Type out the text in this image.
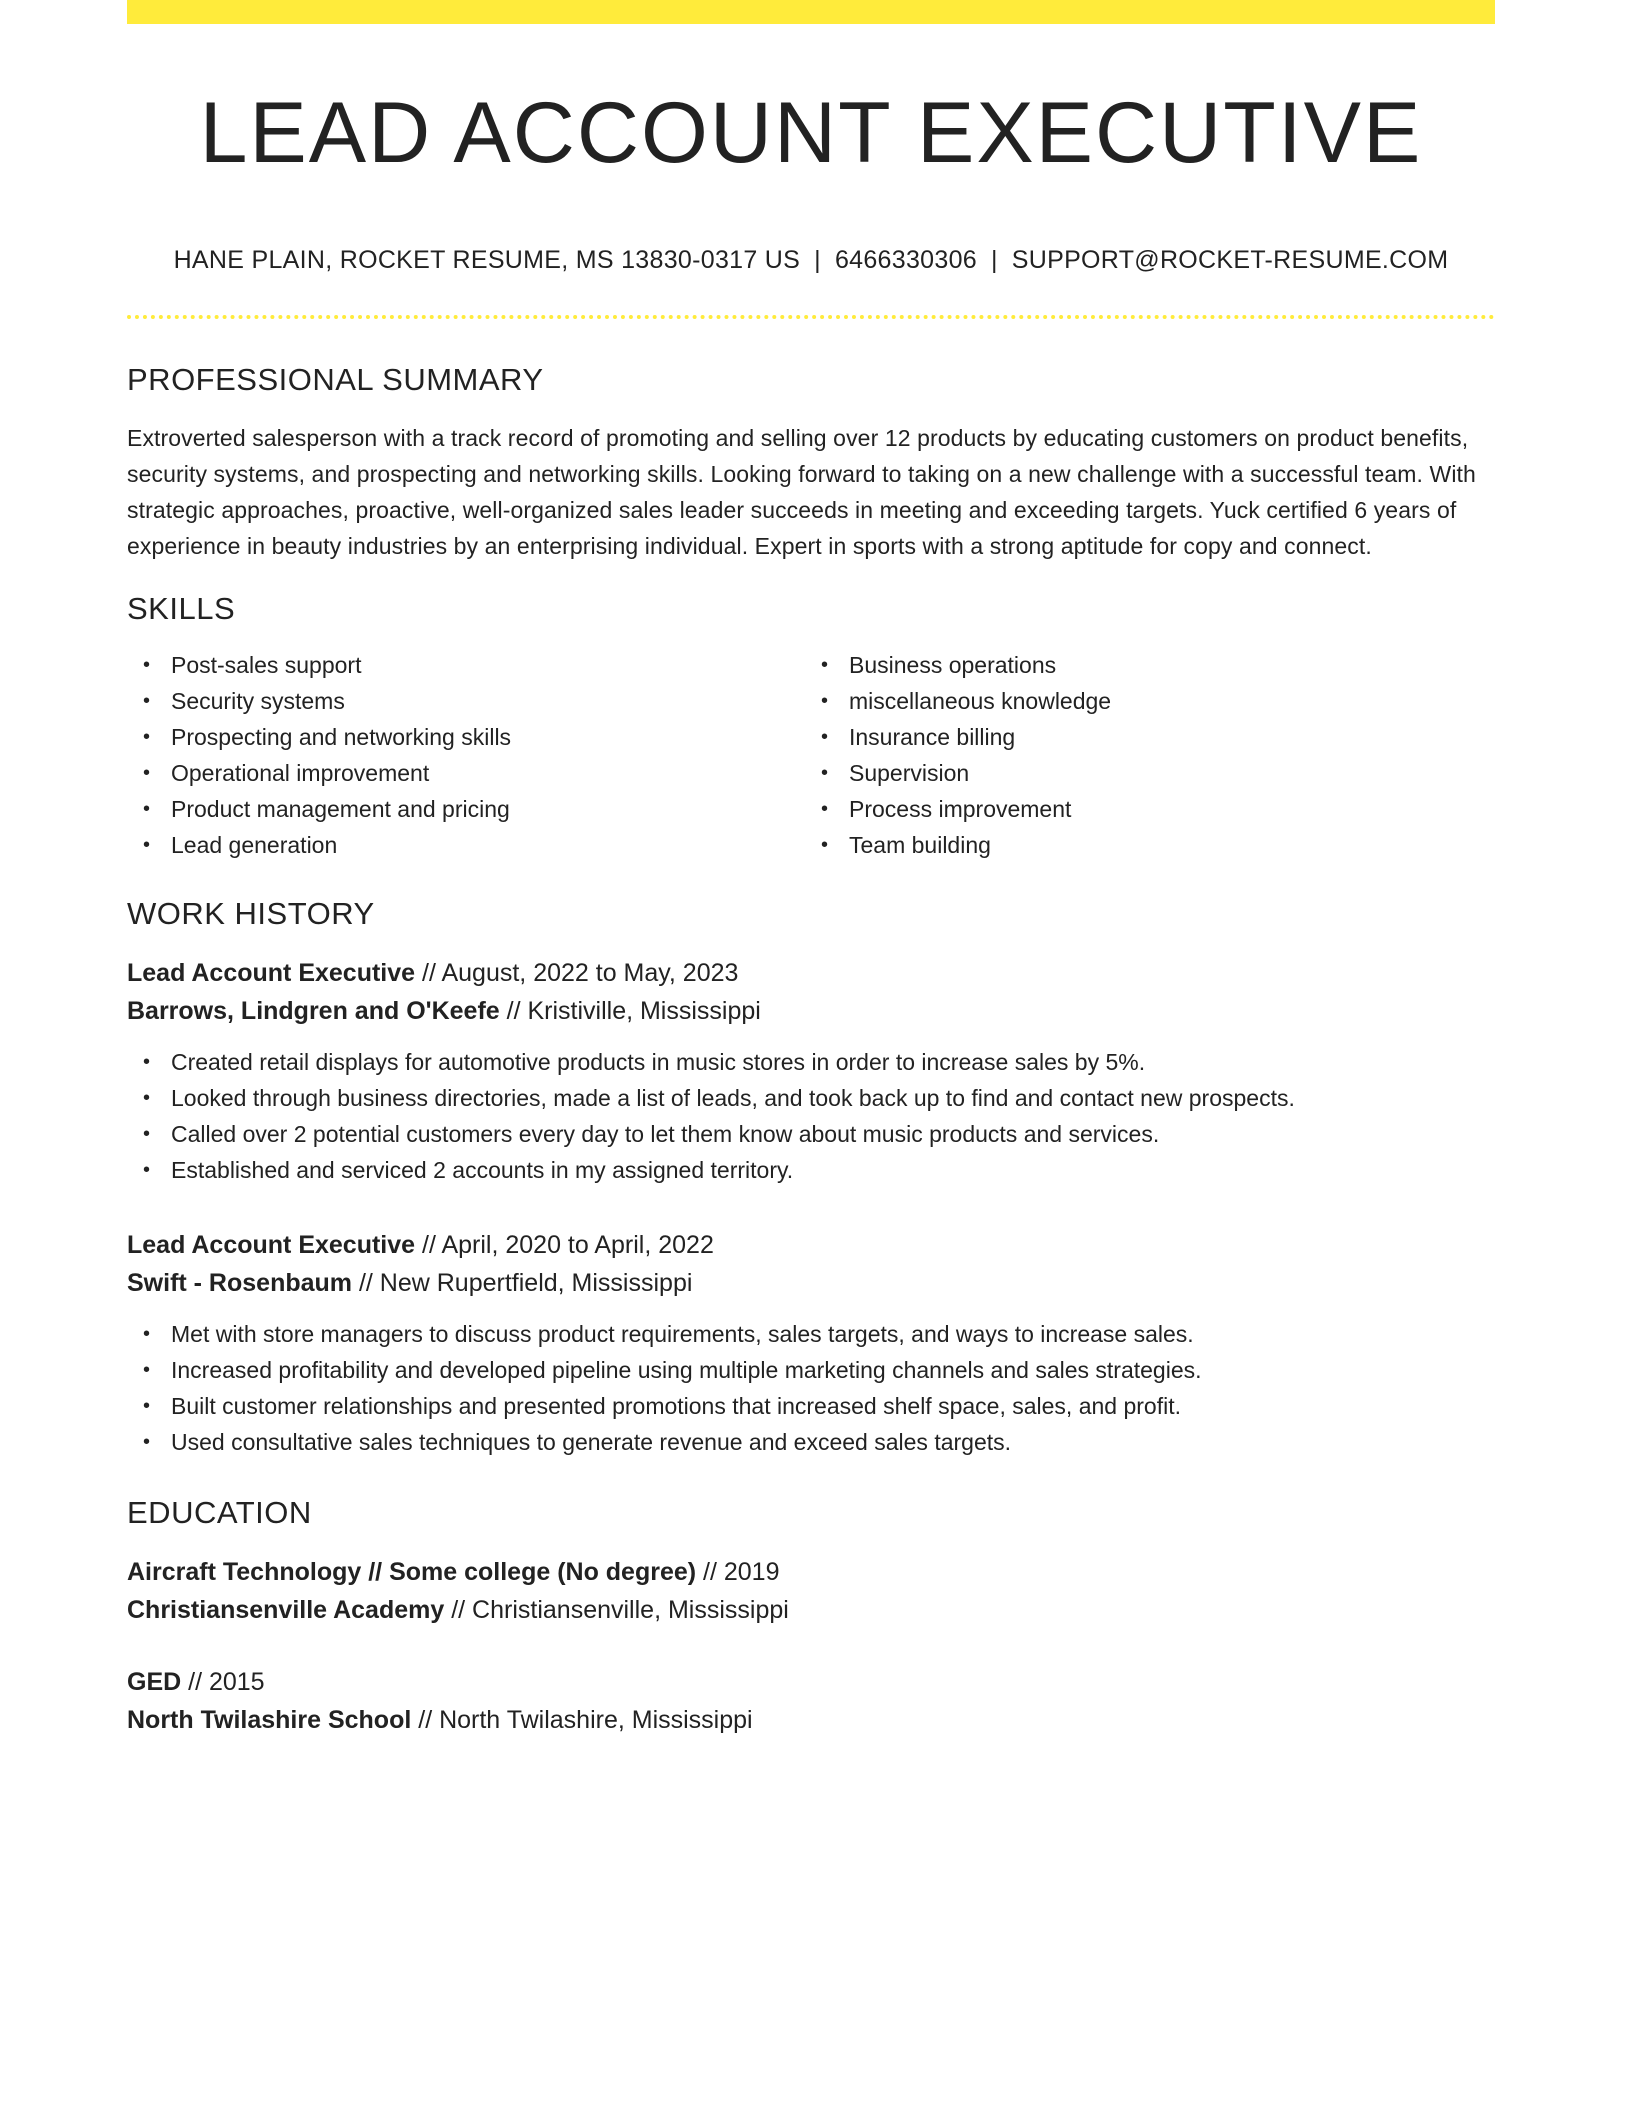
LEAD ACCOUNT EXECUTIVE
HANE PLAIN, ROCKET RESUME, MS 13830-0317 US | 6466330306 | SUPPORT@ROCKET-RESUME.COM
PROFESSIONAL SUMMARY
Extroverted salesperson with a track record of promoting and selling over 12 products by educating customers on product benefits, security systems, and prospecting and networking skills. Looking forward to taking on a new challenge with a successful team. With strategic approaches, proactive, well-organized sales leader succeeds in meeting and exceeding targets. Yuck certified 6 years of experience in beauty industries by an enterprising individual. Expert in sports with a strong aptitude for copy and connect.
SKILLS
• Post-sales support
• Security systems
• Prospecting and networking skills
• Operational improvement
• Product management and pricing
• Lead generation
• Business operations
• miscellaneous knowledge
• Insurance billing
• Supervision
• Process improvement
• Team building
WORK HISTORY
Lead Account Executive // August, 2022 to May, 2023
Barrows, Lindgren and O'Keefe // Kristiville, Mississippi
• Created retail displays for automotive products in music stores in order to increase sales by 5%.
• Looked through business directories, made a list of leads, and took back up to find and contact new prospects.
• Called over 2 potential customers every day to let them know about music products and services.
• Established and serviced 2 accounts in my assigned territory.
Lead Account Executive // April, 2020 to April, 2022
Swift - Rosenbaum // New Rupertfield, Mississippi
• Met with store managers to discuss product requirements, sales targets, and ways to increase sales.
• Increased profitability and developed pipeline using multiple marketing channels and sales strategies.
• Built customer relationships and presented promotions that increased shelf space, sales, and profit.
• Used consultative sales techniques to generate revenue and exceed sales targets.
EDUCATION
Aircraft Technology // Some college (No degree) // 2019
Christiansenville Academy // Christiansenville, Mississippi
GED // 2015
North Twilashire School // North Twilashire, Mississippi
